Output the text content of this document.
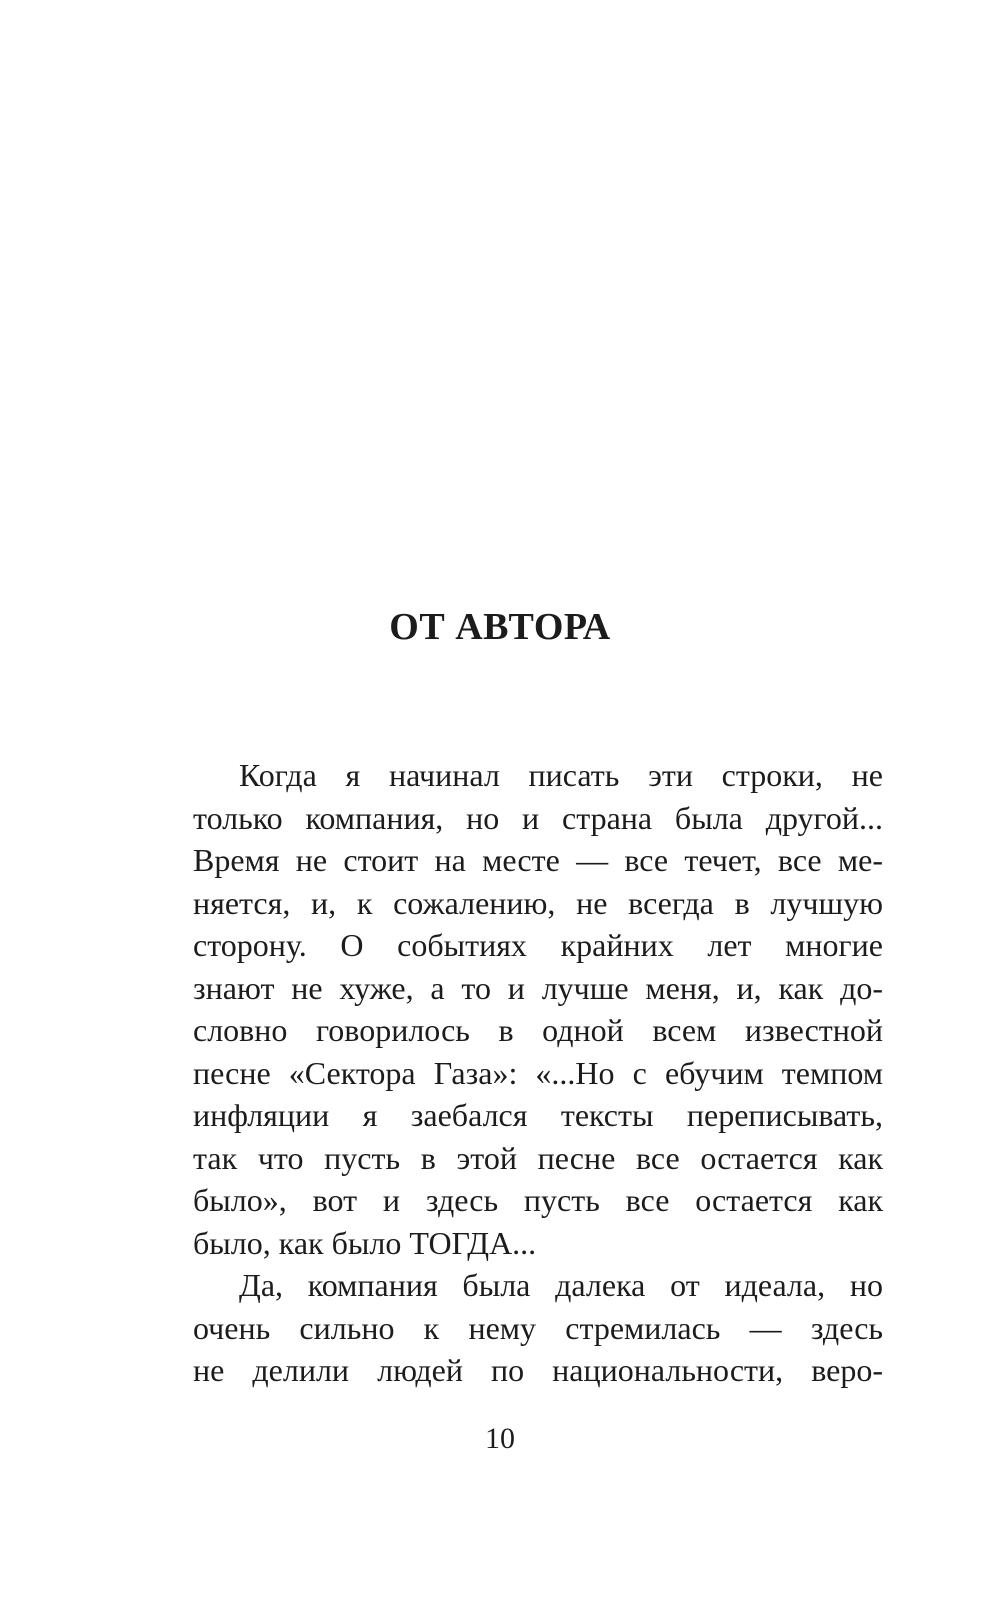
ОТ АВТОРА
Когда я начинал писать эти строки, не
только компания, но и страна была другой...
Время не стоит на месте — все течет, все ме-
няется, и, к сожалению, не всегда в лучшую
сторону. О событиях крайних лет многие
знают не хуже, а то и лучше меня, и, как до-
словно говорилось в одной всем известной
песне «Сектора Газа»: «...Но с ебучим темпом
инфляции я заебался тексты переписывать,
так что пусть в этой песне все остается как
было», вот и здесь пусть все остается как
было, как было ТОГДА...
Да, компания была далека от идеала, но
очень сильно к нему стремилась — здесь
не делили людей по национальности, веро-
10
